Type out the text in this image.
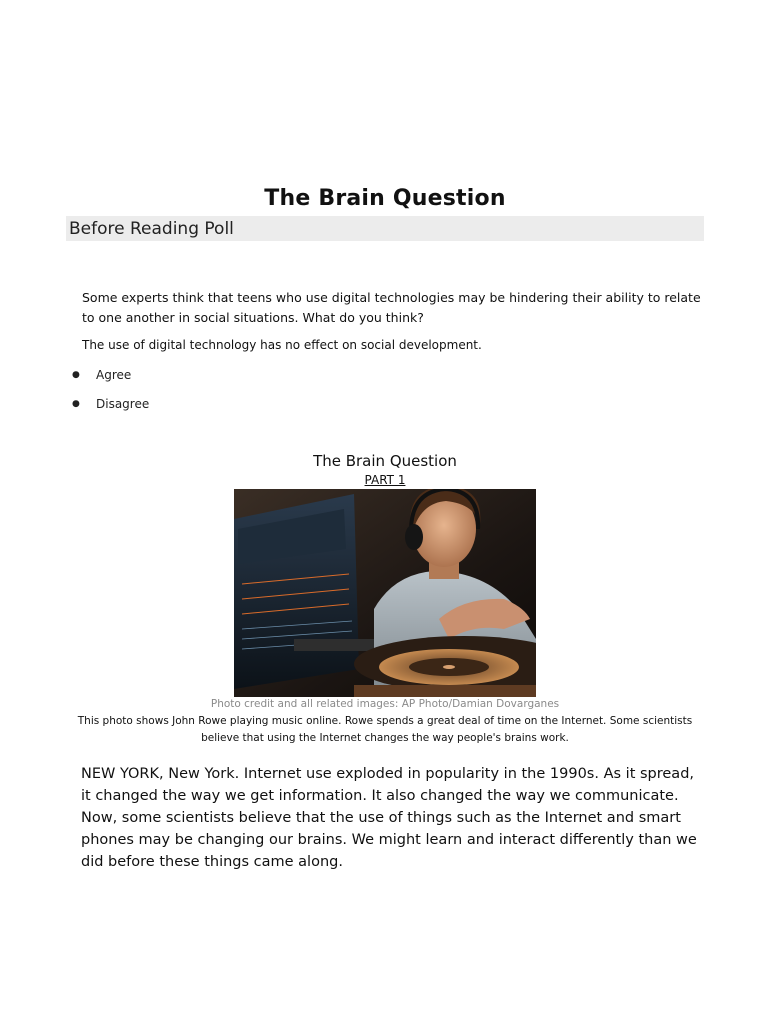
The Brain Question
Before Reading Poll
Some experts think that teens who use digital technologies may be hindering their ability to relate to one another in social situations. What do you think?
The use of digital technology has no effect on social development.
● Agree
● Disagree
The Brain Question
PART 1
Photo credit and all related images: AP Photo/Damian Dovarganes
This photo shows John Rowe playing music online. Rowe spends a great deal of time on the Internet. Some scientists believe that using the Internet changes the way people's brains work.
NEW YORK, New York. Internet use exploded in popularity in the 1990s. As it spread, it changed the way we get information. It also changed the way we communicate. Now, some scientists believe that the use of things such as the Internet and smart phones may be changing our brains. We might learn and interact differently than we did before these things came along.
